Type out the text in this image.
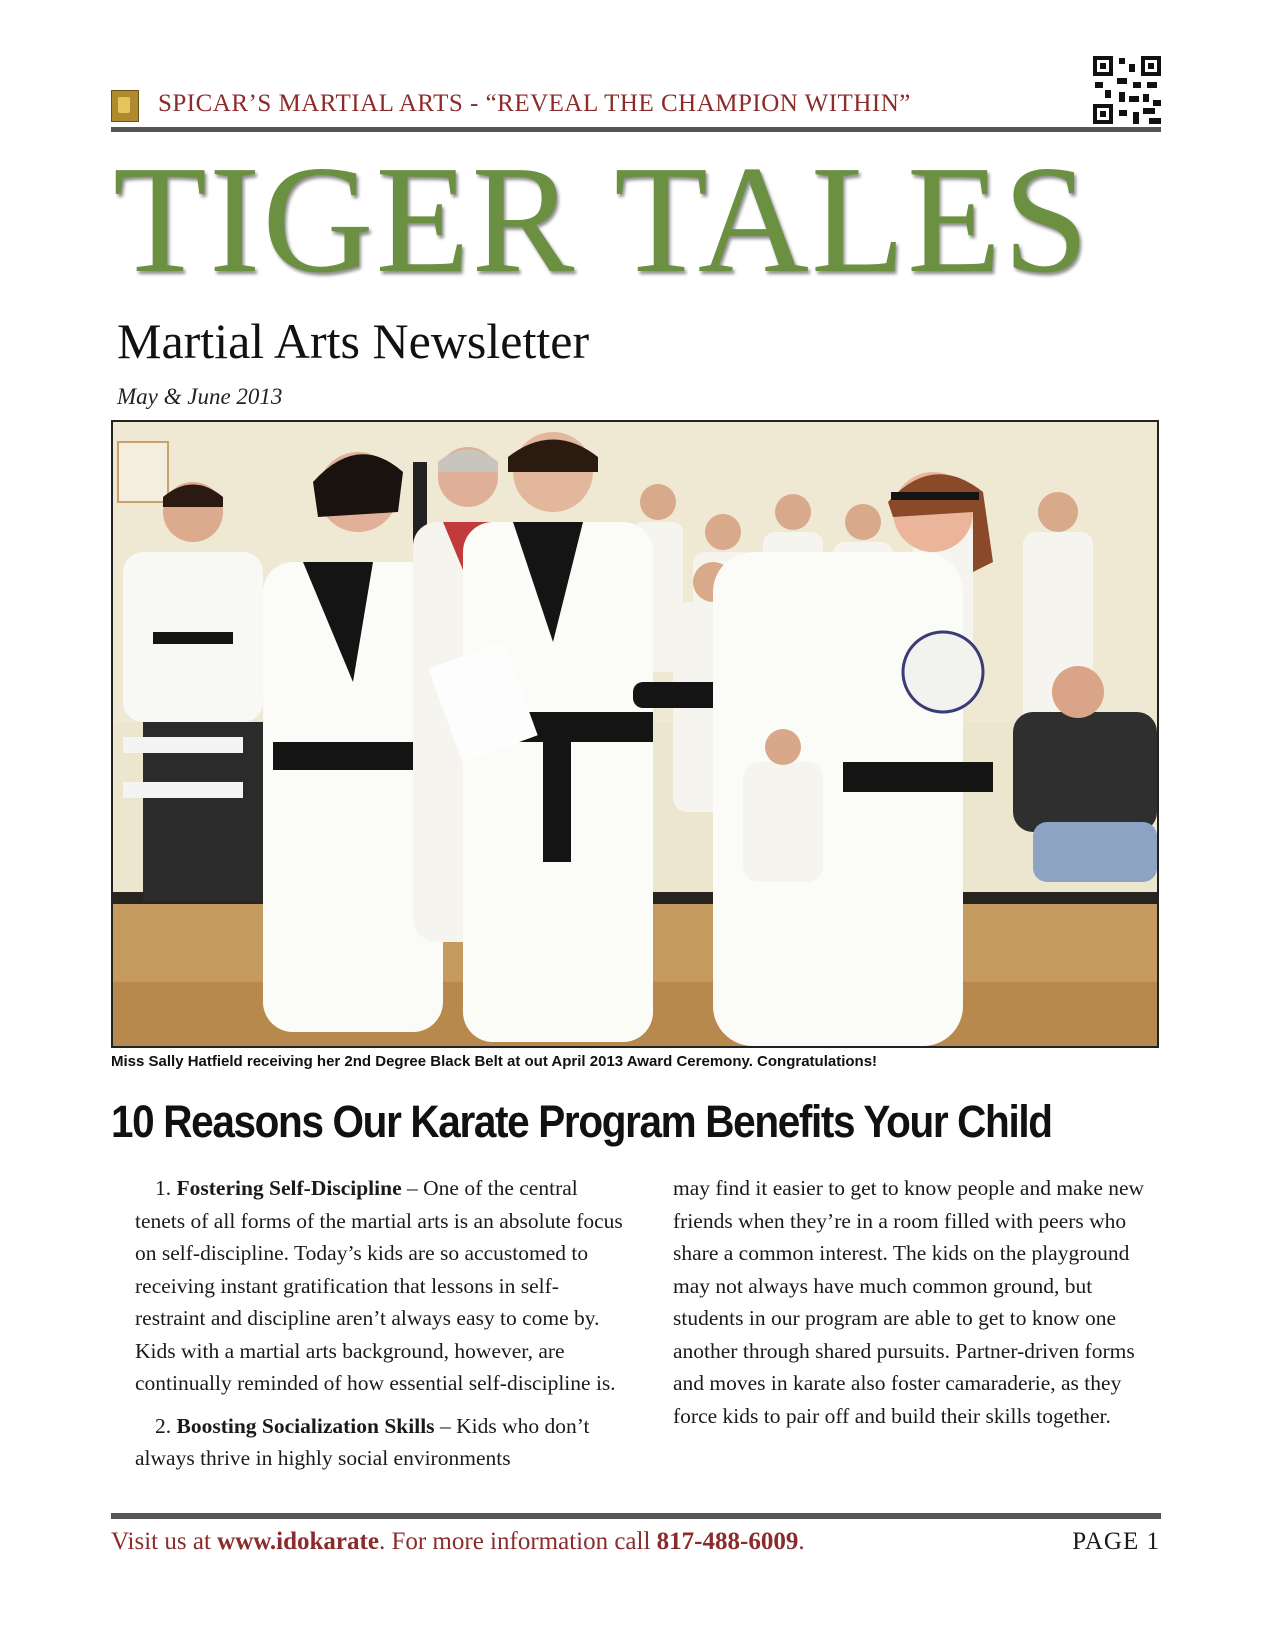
SPICAR’S MARTIAL ARTS - “REVEAL THE CHAMPION WITHIN”
TIGER TALES
Martial Arts Newsletter
May & June 2013
Miss Sally Hatfield receiving her 2nd Degree Black Belt at out April 2013 Award Ceremony. Congratulations!
10 Reasons Our Karate Program Benefits Your Child

1. Fostering Self-Discipline – One of the central tenets of all forms of the martial arts is an absolute focus on self-discipline. Today’s kids are so accustomed to receiving instant gratification that lessons in self-restraint and discipline aren’t always easy to come by. Kids with a martial arts background, however, are continually reminded of how essential self-discipline is.

2. Boosting Socialization Skills – Kids who don’t always thrive in highly social environments

may find it easier to get to know people and make new friends when they’re in a room filled with peers who share a common interest. The kids on the playground may not always have much common ground, but students in our program are able to get to know one another through shared pursuits. Partner-driven forms and moves in karate also foster camaraderie, as they force kids to pair off and build their skills together.

Visit us at www.idokarate. For more information call 817-488-6009.	PAGE 1
